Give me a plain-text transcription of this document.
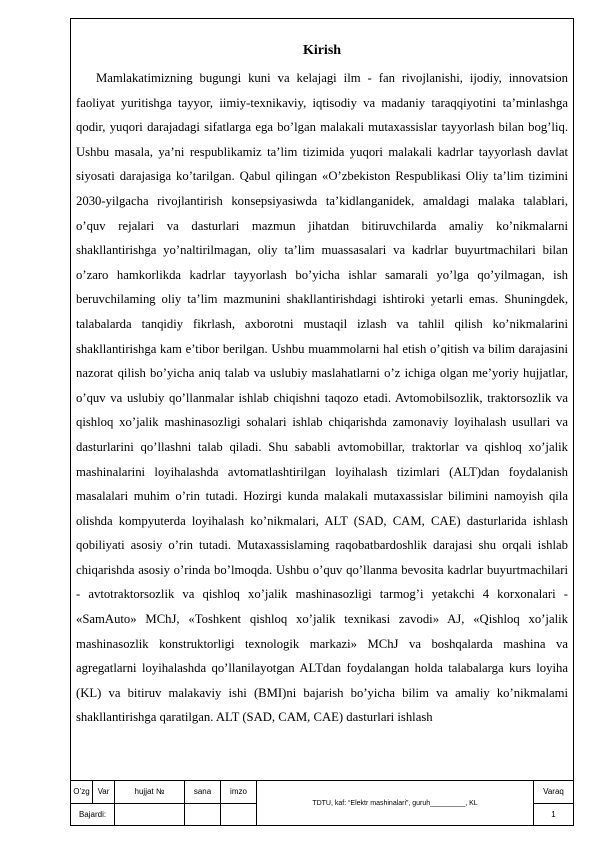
Kirish

Mamlakatimizning bugungi kuni va kelajagi ilm - fan rivojlanishi, ijodiy, innovatsion faoliyat yuritishga tayyor, iimiy-texnikaviy, iqtisodiy va madaniy taraqqiyotini ta’minlashga qodir, yuqori darajadagi sifatlarga ega bo’lgan malakali mutaxassislar tayyorlash bilan bog’liq. Ushbu masala, ya’ni respublikamiz ta’lim tizimida yuqori malakali kadrlar tayyorlash davlat siyosati darajasiga ko’tarilgan. Qabul qilingan «O’zbekiston Respublikasi Oliy ta’lim tizimini 2030-yilgacha rivojlantirish konsepsiyasiwda ta’kidlanganidek, amaldagi malaka talablari, o’quv rejalari va dasturlari mazmun jihatdan bitiruvchilarda amaliy ko’nikmalarni shakllantirishga yo’naltirilmagan, oliy ta’lim muassasalari va kadrlar buyurtmachilari bilan o’zaro hamkorlikda kadrlar tayyorlash bo’yicha ishlar samarali yo’lga qo’yilmagan, ish beruvchilaming oliy ta’lim mazmunini shakllantirishdagi ishtiroki yetarli emas. Shuningdek, talabalarda tanqidiy fikrlash, axborotni mustaqil izlash va tahlil qilish ko’nikmalarini shakllantirishga kam e’tibor berilgan. Ushbu muammolarni hal etish o’qitish va bilim darajasini nazorat qilish bo’yicha aniq talab va uslubiy maslahatlarni o’z ichiga olgan me’yoriy hujjatlar, o’quv va uslubiy qo’llanmalar ishlab chiqishni taqozo etadi. Avtomobilsozlik, traktorsozlik va qishloq xo’jalik mashinasozligi sohalari ishlab chiqarishda zamonaviy loyihalash usullari va dasturlarini qo’llashni talab qiladi. Shu sababli avtomobillar, traktorlar va qishloq xo’jalik mashinalarini loyihalashda avtomatlashtirilgan loyihalash tizimlari (ALT)dan foydalanish masalalari muhim o’rin tutadi. Hozirgi kunda malakali mutaxassislar bilimini namoyish qila olishda kompyuterda loyihalash ko’nikmalari, ALT (SAD, CAM, CAE) dasturlarida ishlash qobiliyati asosiy o’rin tutadi. Mutaxassislaming raqobatbardoshlik darajasi shu orqali ishlab chiqarishda asosiy o’rinda bo’lmoqda. Ushbu o’quv qo’llanma bevosita kadrlar buyurtmachilari - avtotraktorsozlik va qishloq xo’jalik mashinasozligi tarmog’i yetakchi 4 korxonalari - «SamAuto» MChJ, «Toshkent qishloq xo’jalik texnikasi zavodi» AJ, «Qishloq xo’jalik mashinasozlik konstruktorligi texnologik markazi» MChJ va boshqalarda mashina va agregatlarni loyihalashda qo’llanilayotgan ALTdan foydalangan holda talabalarga kurs loyiha (KL) va bitiruv malakaviy ishi (BMI)ni bajarish bo’yicha bilim va amaliy ko’nikmalami shakllantirishga qaratilgan. ALT (SAD, CAM, CAE) dasturlari ishlash

O’zg	Var	hujjat №	sana	imzo	TDTU, kaf: “Elektr mashinalari”, guruh_________, KL	Varaq
Bajardi:						1
